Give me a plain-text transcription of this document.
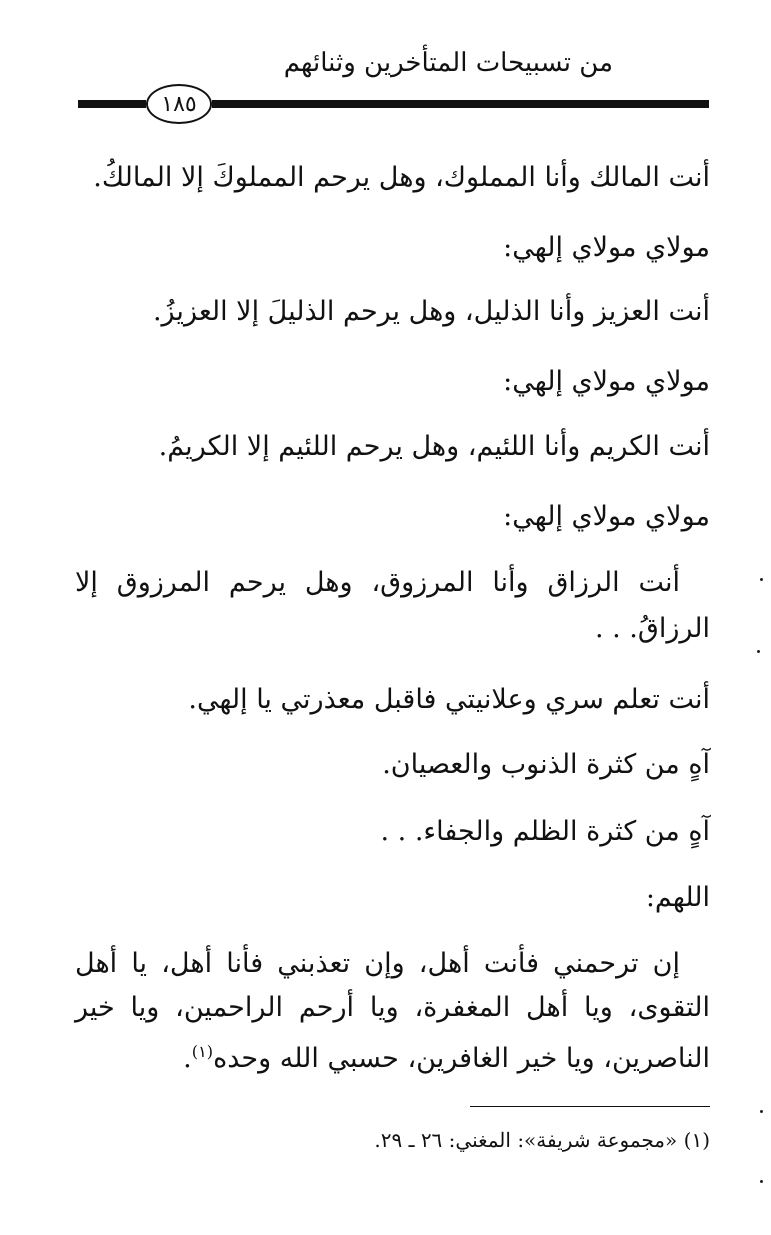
من تسبيحات المتأخرين وثنائهم
١٨٥

أنت المالك وأنا المملوك، وهل يرحم المملوكَ إلا المالكُ.

مولاي مولاي إلهي:

أنت العزيز وأنا الذليل، وهل يرحم الذليلَ إلا العزيزُ.

مولاي مولاي إلهي:

أنت الكريم وأنا اللئيم، وهل يرحم اللئيم إلا الكريمُ.

مولاي مولاي إلهي:

أنت الرزاق وأنا المرزوق، وهل يرحم المرزوق إلا الرزاقُ. . .

أنت تعلم سري وعلانيتي فاقبل معذرتي يا إلهي.

آهٍ من كثرة الذنوب والعصيان.

آهٍ من كثرة الظلم والجفاء. . .

اللهم:

إن ترحمني فأنت أهل، وإن تعذبني فأنا أهل، يا أهل التقوى، ويا أهل المغفرة، ويا أرحم الراحمين، ويا خير الناصرين، ويا خير الغافرين، حسبي الله وحده$^{(١)}$.

(١) «مجموعة شريفة»: المغني: ٢٦ ـ ٢٩.
